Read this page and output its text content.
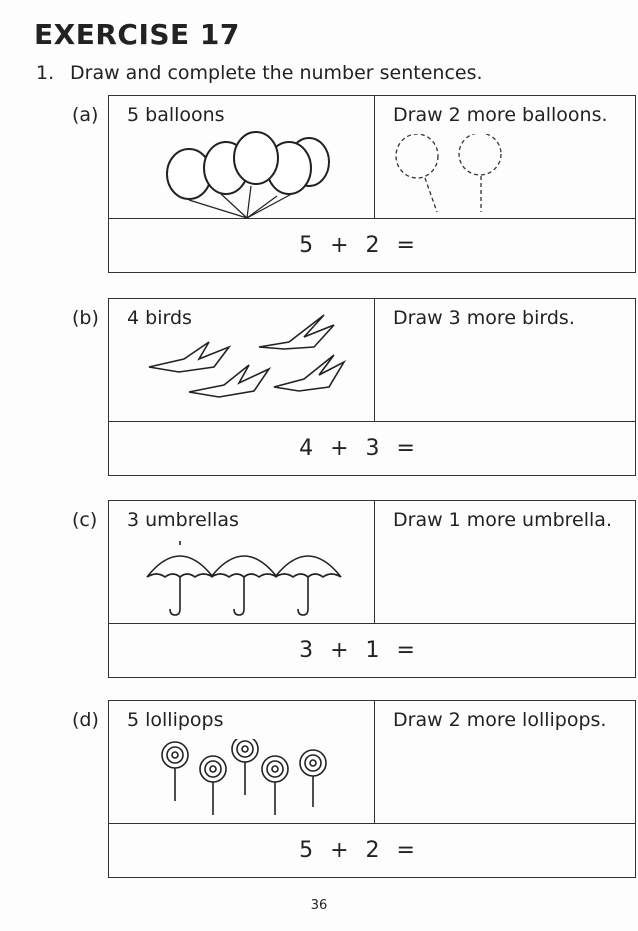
EXERCISE 17
1. Draw and complete the number sentences.
(a) 5 balloons	Draw 2 more balloons.
5 + 2 =
(b) 4 birds	Draw 3 more birds.
4 + 3 =
(c) 3 umbrellas	Draw 1 more umbrella.
3 + 1 =
(d) 5 lollipops	Draw 2 more lollipops.
5 + 2 =
36
